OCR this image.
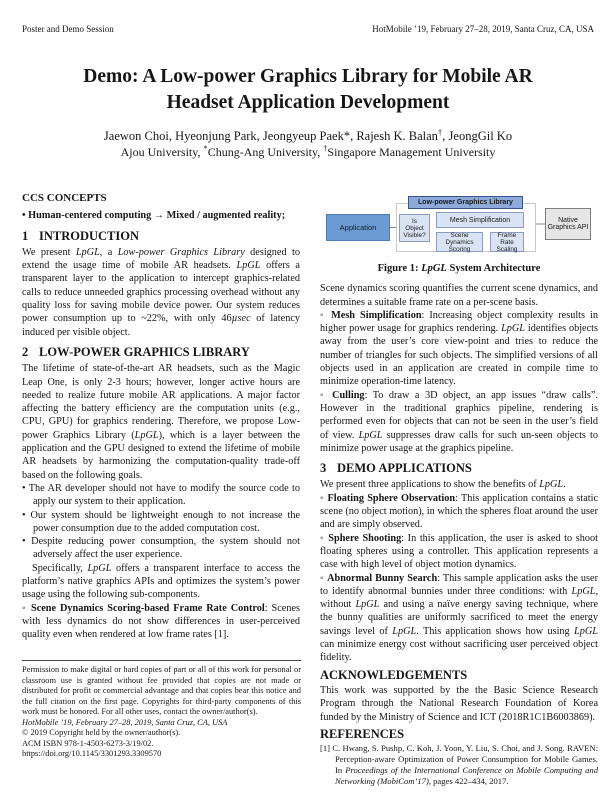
Poster and Demo Session	HotMobile ’19, February 27–28, 2019, Santa Cruz, CA, USA
Demo: A Low-power Graphics Library for Mobile AR Headset Application Development
Jaewon Choi, Hyeonjung Park, Jeongyeup Paek*, Rajesh K. Balan†, JeongGil Ko
Ajou University, *Chung-Ang University, †Singapore Management University
CCS CONCEPTS

• Human-centered computing → Mixed / augmented reality;

1 INTRODUCTION

We present LpGL, a Low-power Graphics Library designed to extend the usage time of mobile AR headsets. LpGL offers a transparent layer to the application to intercept graphics-related calls to reduce unneeded graphics processing overhead without any quality loss for saving mobile device power. Our system reduces power consumption up to ~22%, with only 46µsec of latency induced per visible object.

2 LOW-POWER GRAPHICS LIBRARY

The lifetime of state-of-the-art AR headsets, such as the Magic Leap One, is only 2-3 hours; however, longer active hours are needed to realize future mobile AR applications. A major factor affecting the battery efficiency are the computation units (e.g., CPU, GPU) for graphics rendering. Therefore, we propose Low-power Graphics Library (LpGL), which is a layer between the application and the GPU designed to extend the lifetime of mobile AR headsets by harmonizing the computation-quality trade-off based on the following goals.

• The AR developer should not have to modify the source code to apply our system to their application.
• Our system should be lightweight enough to not increase the power consumption due to the added computation cost.
• Despite reducing power consumption, the system should not adversely affect the user experience.

Specifically, LpGL offers a transparent interface to access the platform’s native graphics APIs and optimizes the system’s power usage using the following sub-components.

◦ Scene Dynamics Scoring-based Frame Rate Control: Scenes with less dynamics do not show differences in user-perceived quality even when rendered at low frame rates [1].

Permission to make digital or hard copies of part or all of this work for personal or classroom use is granted without fee provided that copies are not made or distributed for profit or commercial advantage and that copies bear this notice and the full citation on the first page. Copyrights for third-party components of this work must be honored. For all other uses, contact the owner/author(s).

HotMobile ’19, February 27–28, 2019, Santa Cruz, CA, USA

© 2019 Copyright held by the owner/author(s).

ACM ISBN 978-1-4503-6273-3/19/02.

https://doi.org/10.1145/3301293.3309570

Application
Low-power Graphics Library
Is Object Visible?
Mesh Simplification
Scene Dynamics Scoring
Frame Rate Scaling
Native Graphics API

Figure 1: LpGL System Architecture

Scene dynamics scoring quantifies the current scene dynamics, and determines a suitable frame rate on a per-scene basis.

◦ Mesh Simplification: Increasing object complexity results in higher power usage for graphics rendering. LpGL identifies objects away from the user’s core view-point and tries to reduce the number of triangles for such objects. The simplified versions of all objects used in an application are created in compile time to minimize operation-time latency.

◦ Culling: To draw a 3D object, an app issues “draw calls”. However in the traditional graphics pipeline, rendering is performed even for objects that can not be seen in the user’s field of view. LpGL suppresses draw calls for such un-seen objects to minimize power usage at the graphics pipeline.

3 DEMO APPLICATIONS

We present three applications to show the benefits of LpGL.

◦ Floating Sphere Observation: This application contains a static scene (no object motion), in which the spheres float around the user and are simply observed.

◦ Sphere Shooting: In this application, the user is asked to shoot floating spheres using a controller. This application represents a case with high level of object motion dynamics.

◦ Abnormal Bunny Search: This sample application asks the user to identify abnormal bunnies under three conditions: with LpGL, without LpGL and using a naïve energy saving technique, where the bunny qualities are uniformly sacrificed to meet the energy savings level of LpGL. This application shows how using LpGL can minimize energy cost without sacrificing user perceived object fidelity.

ACKNOWLEDGEMENTS

This work was supported by the the Basic Science Research Program through the National Research Foundation of Korea funded by the Ministry of Science and ICT (2018R1C1B6003869).

REFERENCES
[1] C. Hwang, S. Pushp, C. Koh, J. Yoon, Y. Liu, S. Choi, and J. Song. RAVEN: Perception-aware Optimization of Power Consumption for Mobile Games. In Proceedings of the International Conference on Mobile Computing and Networking (MobiCom’17), pages 422–434, 2017.
